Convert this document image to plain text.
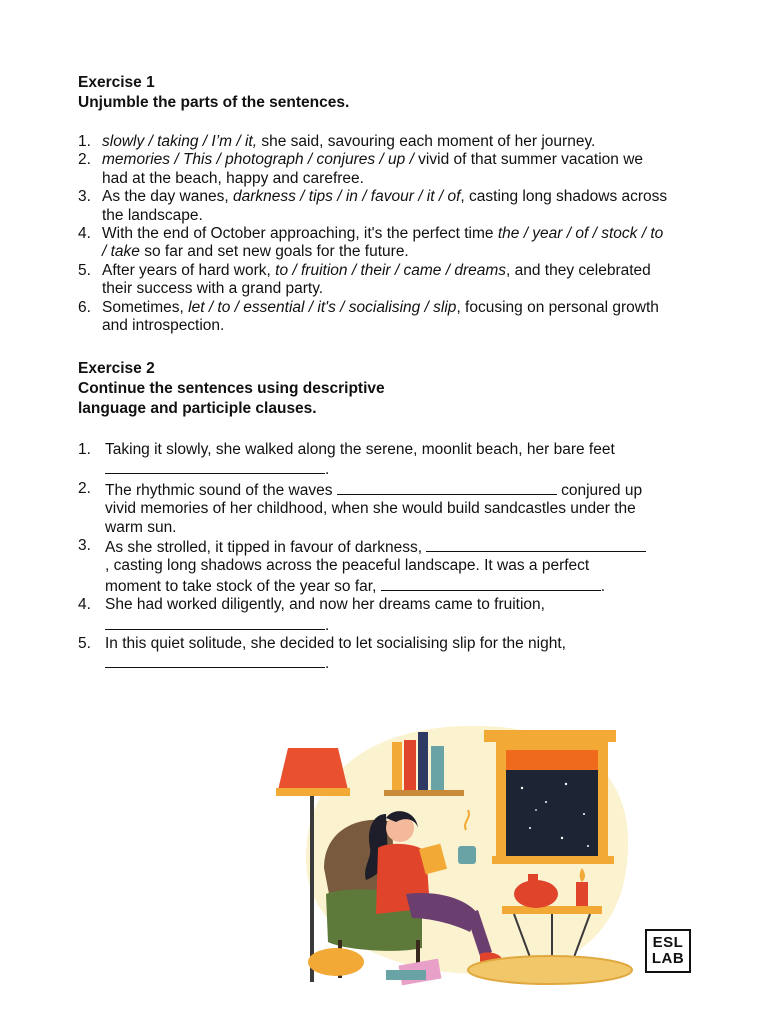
Exercise 1
Unjumble the parts of the sentences.
1. slowly / taking / I’m / it, she said, savouring each moment of her journey.
2. memories / This / photograph / conjures / up / vivid of that summer vacation we had at the beach, happy and carefree.
3. As the day wanes, darkness / tips / in / favour / it / of, casting long shadows across the landscape.
4. With the end of October approaching, it's the perfect time the / year / of / stock / to / take so far and set new goals for the future.
5. After years of hard work, to / fruition / their / came / dreams, and they celebrated their success with a grand party.
6. Sometimes, let / to / essential / it's / socialising / slip, focusing on personal growth and introspection.
Exercise 2
Continue the sentences using descriptive
language and participle clauses.
1. Taking it slowly, she walked along the serene, moonlit beach, her bare feet .
2. The rhythmic sound of the waves	conjured up vivid memories of her childhood, when she would build sandcastles under the warm sun.
3. As she strolled, it tipped in favour of darkness, , casting long shadows across the peaceful landscape. It was a perfect moment to take stock of the year so far,	.
4. She had worked diligently, and now her dreams came to fruition, .
5. In this quiet solitude, she decided to let socialising slip for the night, .
ESL
LAB
